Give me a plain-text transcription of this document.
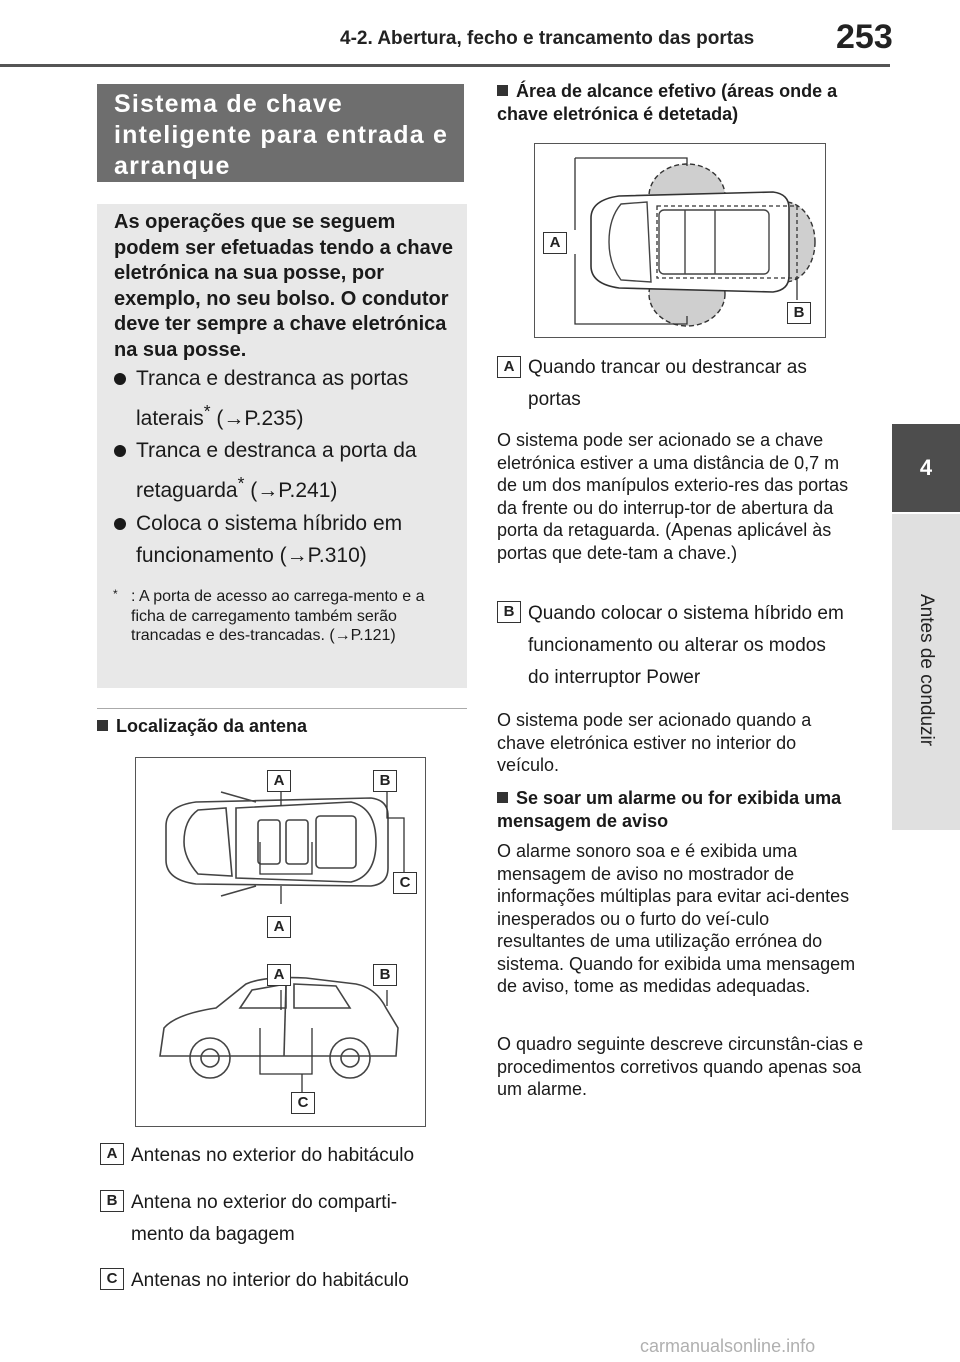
4-2. Abertura, fecho e trancamento das portas 253
4
Antes de conduzir
Sistema de chave inteligente para entrada e arranque
As operações que se seguem podem ser efetuadas tendo a chave eletrónica na sua posse, por exemplo, no seu bolso. O condutor deve ter sempre a chave eletrónica na sua posse.
Tranca e destranca as portas laterais* (→P.235)
Tranca e destranca a porta da retaguarda* (→P.241)
Coloca o sistema híbrido em funcionamento (→P.310)
* : A porta de acesso ao carrega-mento e a ficha de carregamento também serão trancadas e des-trancadas. (→P.121)
Localização da antena
A	B
C
A
A	B
C
A Antenas no exterior do habitáculo
B Antena no exterior do comparti-mento da bagagem
C Antenas no interior do habitáculo
Área de alcance efetivo (áreas onde a chave eletrónica é detetada)
A
B
A Quando trancar ou destrancar as portas
O sistema pode ser acionado se a chave eletrónica estiver a uma distância de 0,7 m de um dos manípulos exterio-res das portas da frente ou do interrup-tor de abertura da porta da retaguarda. (Apenas aplicável às portas que dete-tam a chave.)
B Quando colocar o sistema híbrido em funcionamento ou alterar os modos do interruptor Power
O sistema pode ser acionado quando a chave eletrónica estiver no interior do veículo.
Se soar um alarme ou for exibida uma mensagem de aviso
O alarme sonoro soa e é exibida uma mensagem de aviso no mostrador de informações múltiplas para evitar aci-dentes inesperados ou o furto do veí-culo resultantes de uma utilização errónea do sistema. Quando for exibida uma mensagem de aviso, tome as medidas adequadas.
O quadro seguinte descreve circunstân-cias e procedimentos corretivos quando apenas soa um alarme.
carmanualsonline.info
